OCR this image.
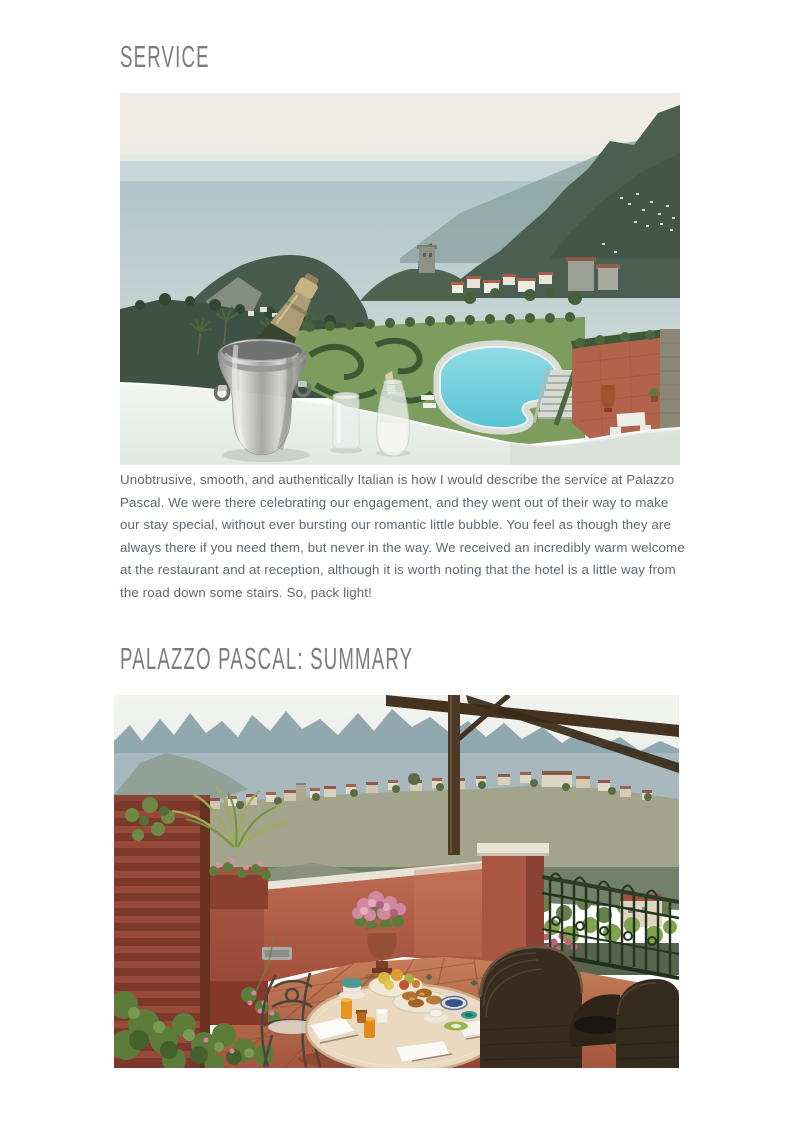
SERVICE

Unobtrusive, smooth, and authentically Italian is how I would describe the service at Palazzo Pascal. We were there celebrating our engagement, and they went out of their way to make our stay special, without ever bursting our romantic little bubble. You feel as though they are always there if you need them, but never in the way. We received an incredibly warm welcome at the restaurant and at reception, although it is worth noting that the hotel is a little way from the road down some stairs. So, pack light!

PALAZZO PASCAL: SUMMARY
